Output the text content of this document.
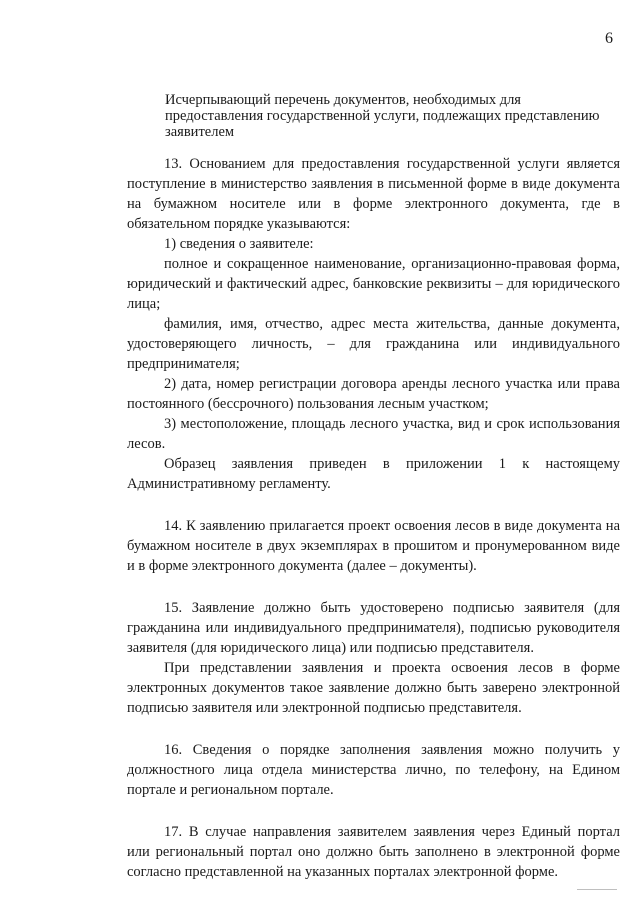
6
Исчерпывающий перечень документов, необходимых для предоставления государственной услуги, подлежащих представлению заявителем

13. Основанием для предоставления государственной услуги является поступление в министерство заявления в письменной форме в виде документа на бумажном носителе или в форме электронного документа, где в обязательном порядке указываются:

1) сведения о заявителе:

полное и сокращенное наименование, организационно-правовая форма, юридический и фактический адрес, банковские реквизиты – для юридического лица;

фамилия, имя, отчество, адрес места жительства, данные документа, удостоверяющего личность, – для гражданина или индивидуального предпринимателя;

2) дата, номер регистрации договора аренды лесного участка или права постоянного (бессрочного) пользования лесным участком;

3) местоположение, площадь лесного участка, вид и срок использования лесов.

Образец заявления приведен в приложении 1 к настоящему Административному регламенту.

14. К заявлению прилагается проект освоения лесов в виде документа на бумажном носителе в двух экземплярах в прошитом и пронумерованном виде и в форме электронного документа (далее – документы).

15. Заявление должно быть удостоверено подписью заявителя (для гражданина или индивидуального предпринимателя), подписью руководителя заявителя (для юридического лица) или подписью представителя.

При представлении заявления и проекта освоения лесов в форме электронных документов такое заявление должно быть заверено электронной подписью заявителя или электронной подписью представителя.

16. Сведения о порядке заполнения заявления можно получить у должностного лица отдела министерства лично, по телефону, на Едином портале и региональном портале.

17. В случае направления заявителем заявления через Единый портал или региональный портал оно должно быть заполнено в электронной форме согласно представленной на указанных порталах электронной форме.
